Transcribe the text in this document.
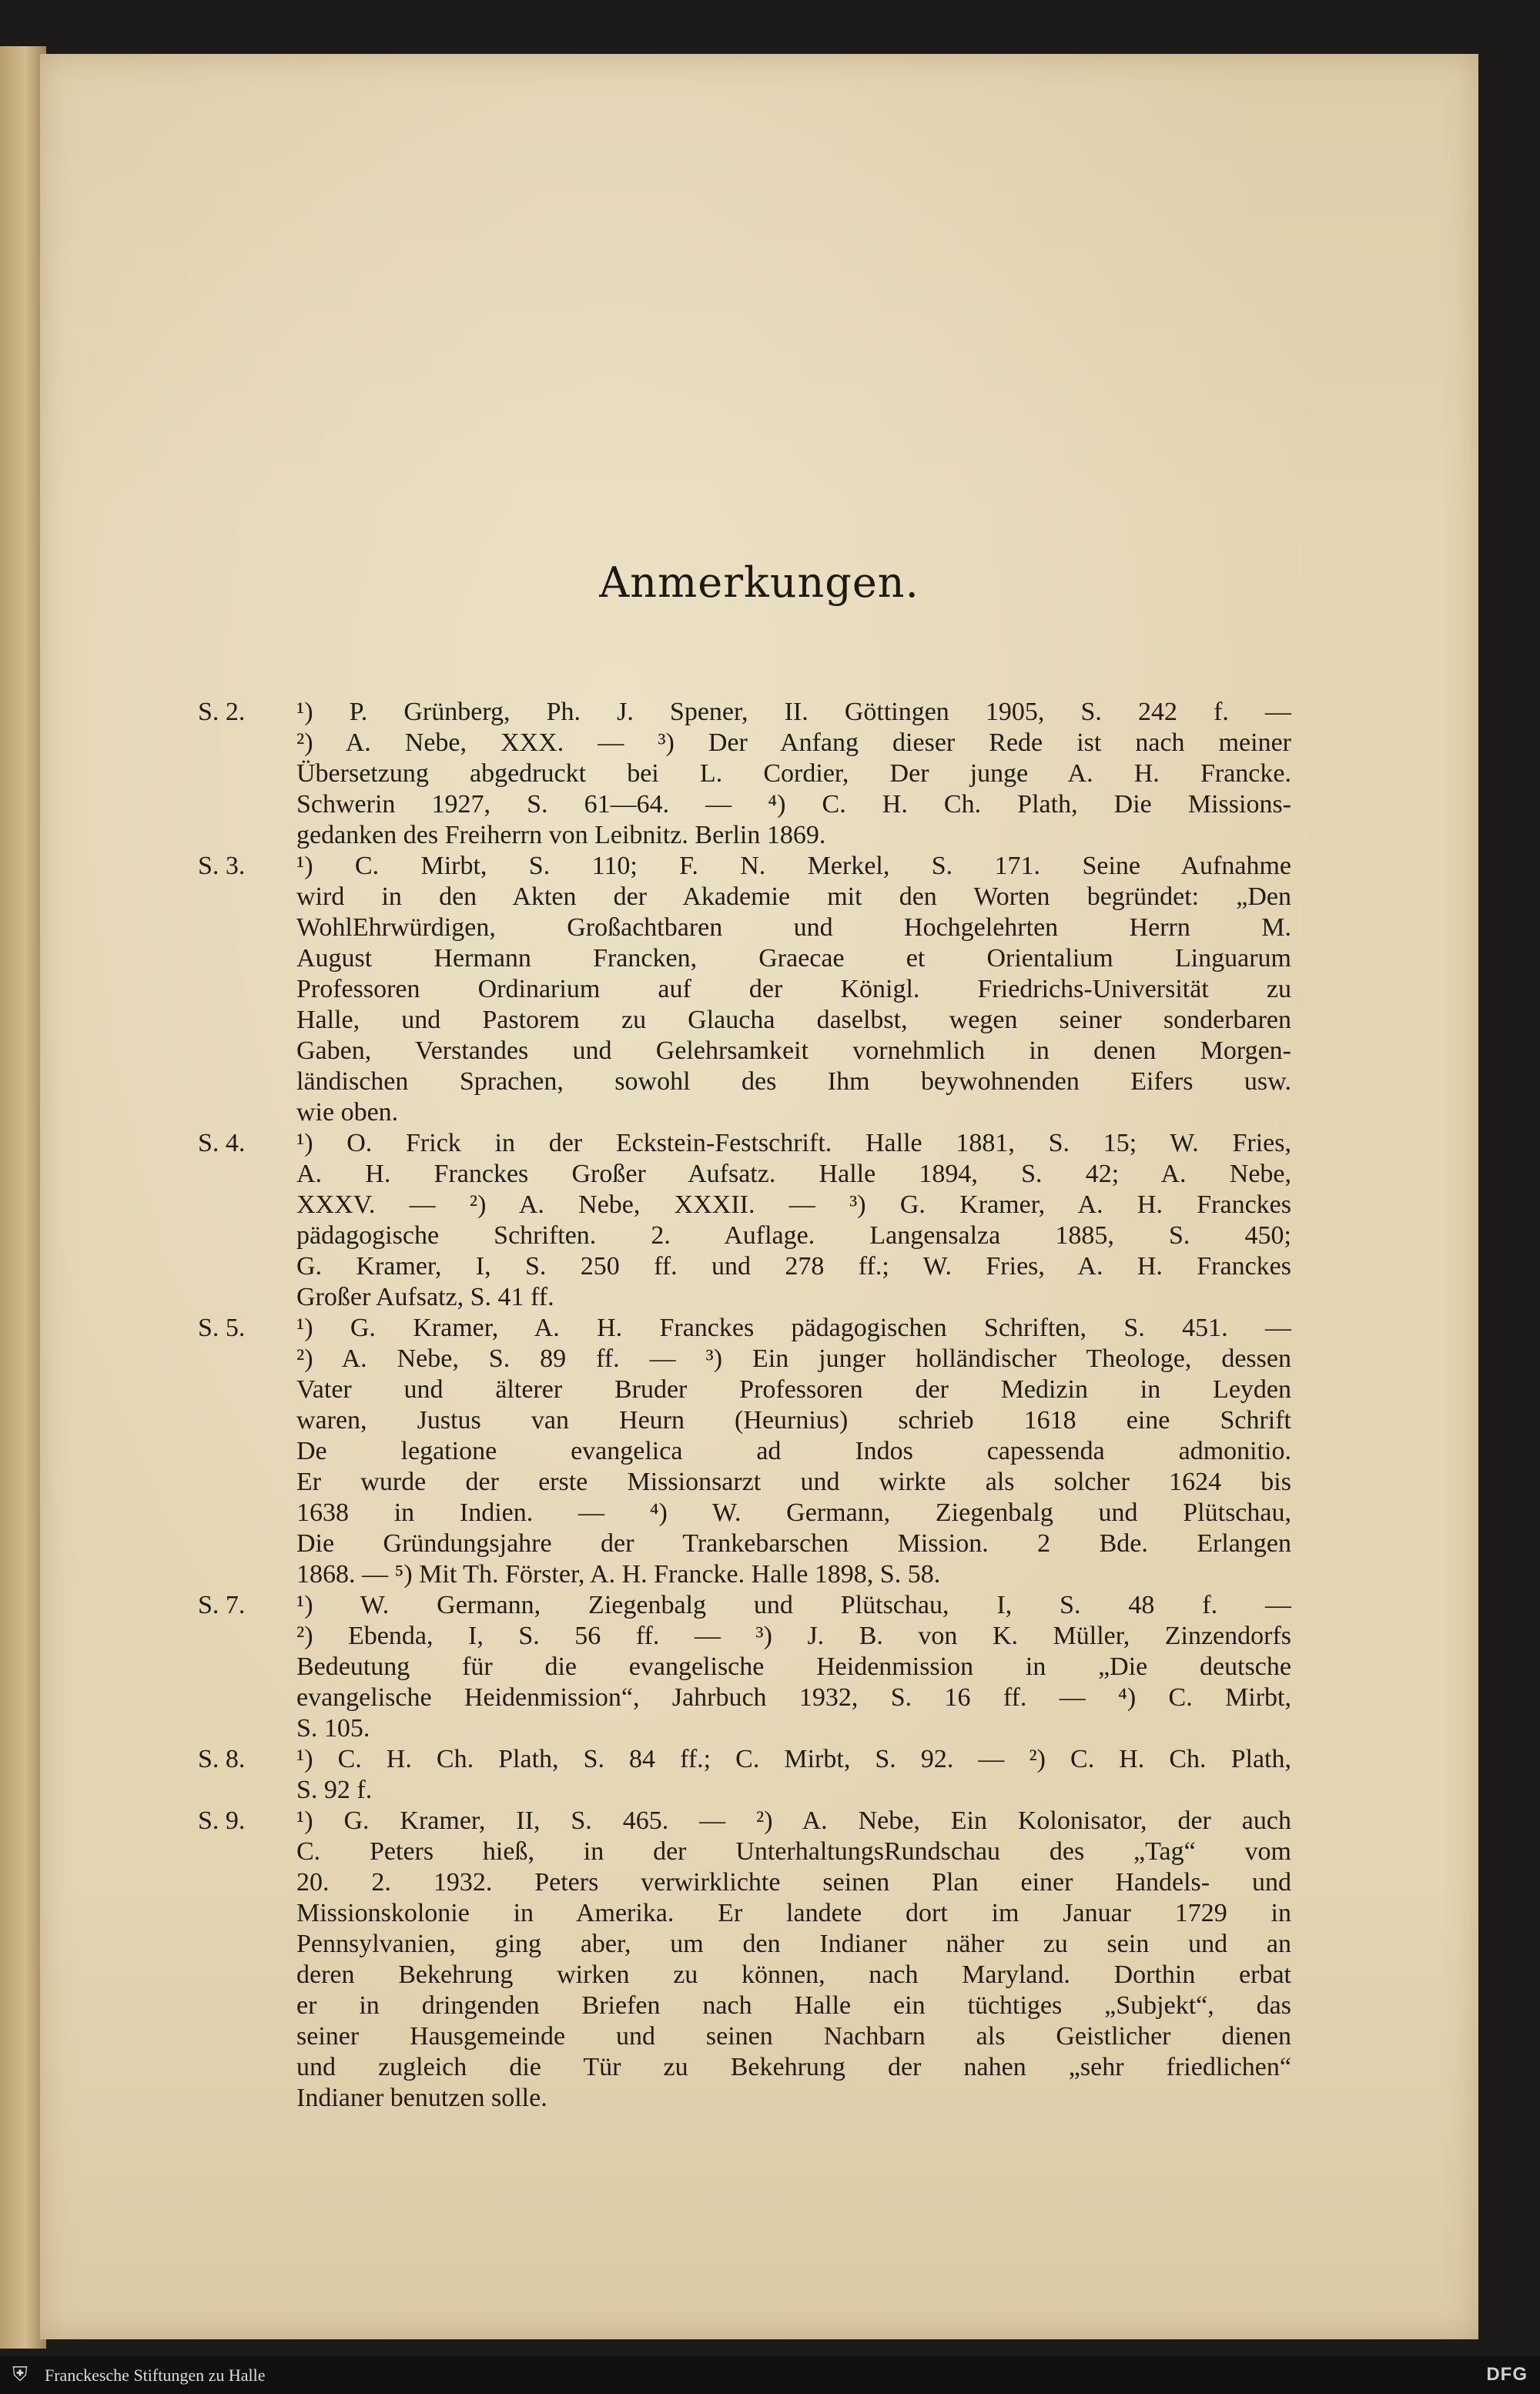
Anmerkungen.
S. 2. ¹) P. Grünberg, Ph. J. Spener, II. Göttingen 1905, S. 242 f. —
²) A. Nebe, XXX. — ³) Der Anfang dieser Rede ist nach meiner
Übersetzung abgedruckt bei L. Cordier, Der junge A. H. Francke.
Schwerin 1927, S. 61—64. — ⁴) C. H. Ch. Plath, Die Missions-
gedanken des Freiherrn von Leibnitz. Berlin 1869.
S. 3. ¹) C. Mirbt, S. 110; F. N. Merkel, S. 171. Seine Aufnahme
wird in den Akten der Akademie mit den Worten begründet: „Den
WohlEhrwürdigen, Großachtbaren und Hochgelehrten Herrn M.
August Hermann Francken, Graecae et Orientalium Linguarum
Professoren Ordinarium auf der Königl. Friedrichs-Universität zu
Halle, und Pastorem zu Glaucha daselbst, wegen seiner sonderbaren
Gaben, Verstandes und Gelehrsamkeit vornehmlich in denen Morgen-
ländischen Sprachen, sowohl des Ihm beywohnenden Eifers usw.
wie oben.
S. 4. ¹) O. Frick in der Eckstein-Festschrift. Halle 1881, S. 15; W. Fries,
A. H. Franckes Großer Aufsatz. Halle 1894, S. 42; A. Nebe,
XXXV. — ²) A. Nebe, XXXII. — ³) G. Kramer, A. H. Franckes
pädagogische Schriften. 2. Auflage. Langensalza 1885, S. 450;
G. Kramer, I, S. 250 ff. und 278 ff.; W. Fries, A. H. Franckes
Großer Aufsatz, S. 41 ff.
S. 5. ¹) G. Kramer, A. H. Franckes pädagogischen Schriften, S. 451. —
²) A. Nebe, S. 89 ff. — ³) Ein junger holländischer Theologe, dessen
Vater und älterer Bruder Professoren der Medizin in Leyden
waren, Justus van Heurn (Heurnius) schrieb 1618 eine Schrift
De legatione evangelica ad Indos capessenda admonitio.
Er wurde der erste Missionsarzt und wirkte als solcher 1624 bis
1638 in Indien. — ⁴) W. Germann, Ziegenbalg und Plütschau,
Die Gründungsjahre der Trankebarschen Mission. 2 Bde. Erlangen
1868. — ⁵) Mit Th. Förster, A. H. Francke. Halle 1898, S. 58.
S. 7. ¹) W. Germann, Ziegenbalg und Plütschau, I, S. 48 f. —
²) Ebenda, I, S. 56 ff. — ³) J. B. von K. Müller, Zinzendorfs
Bedeutung für die evangelische Heidenmission in „Die deutsche
evangelische Heidenmission“, Jahrbuch 1932, S. 16 ff. — ⁴) C. Mirbt,
S. 105.
S. 8. ¹) C. H. Ch. Plath, S. 84 ff.; C. Mirbt, S. 92. — ²) C. H. Ch. Plath,
S. 92 f.
S. 9. ¹) G. Kramer, II, S. 465. — ²) A. Nebe, Ein Kolonisator, der auch
C. Peters hieß, in der UnterhaltungsRundschau des „Tag“ vom
20. 2. 1932. Peters verwirklichte seinen Plan einer Handels- und
Missionskolonie in Amerika. Er landete dort im Januar 1729 in
Pennsylvanien, ging aber, um den Indianer näher zu sein und an
deren Bekehrung wirken zu können, nach Maryland. Dorthin erbat
er in dringenden Briefen nach Halle ein tüchtiges „Subjekt“, das
seiner Hausgemeinde und seinen Nachbarn als Geistlicher dienen
und zugleich die Tür zu Bekehrung der nahen „sehr friedlichen“
Indianer benutzen solle.
⛨	Franckesche Stiftungen zu Halle	DFG
